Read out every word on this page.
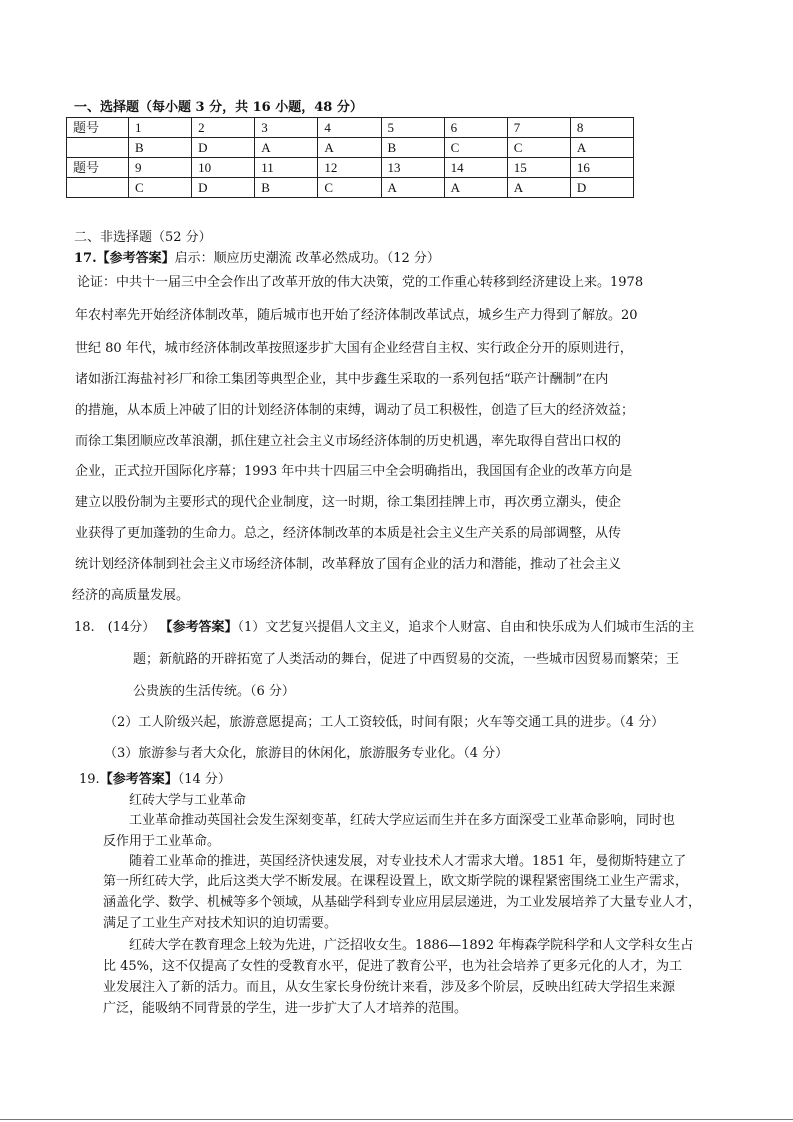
一、选择题（每小题 3 分，共 16 小题，48 分）
题号	1	2	3	4	5	6	7	8
	B	D	A	A	B	C	C	A
题号	9	10	11	12	13	14	15	16
	C	D	B	C	A	A	A	D
二、非选择题（52 分）
17.【参考答案】启示：顺应历史潮流 改革必然成功。（12 分）
论证：中共十一届三中全会作出了改革开放的伟大决策，党的工作重心转移到经济建设上来。1978
年农村率先开始经济体制改革，随后城市也开始了经济体制改革试点，城乡生产力得到了解放。20
世纪 80 年代，城市经济体制改革按照逐步扩大国有企业经营自主权、实行政企分开的原则进行，
诸如浙江海盐衬衫厂和徐工集团等典型企业，其中步鑫生采取的一系列包括“联产计酬制”在内
的措施，从本质上冲破了旧的计划经济体制的束缚，调动了员工积极性，创造了巨大的经济效益；
而徐工集团顺应改革浪潮，抓住建立社会主义市场经济体制的历史机遇，率先取得自营出口权的
企业，正式拉开国际化序幕；1993 年中共十四届三中全会明确指出，我国国有企业的改革方向是
建立以股份制为主要形式的现代企业制度，这一时期，徐工集团挂牌上市，再次勇立潮头，使企
业获得了更加蓬勃的生命力。总之，经济体制改革的本质是社会主义生产关系的局部调整，从传
统计划经济体制到社会主义市场经济体制，改革释放了国有企业的活力和潜能，推动了社会主义
经济的高质量发展。
18.　(14分） 【参考答案】（1）文艺复兴提倡人文主义，追求个人财富、自由和快乐成为人们城市生活的主
题；新航路的开辟拓宽了人类活动的舞台，促进了中西贸易的交流，一些城市因贸易而繁荣；王
公贵族的生活传统。（6 分）
（2）工人阶级兴起，旅游意愿提高；工人工资较低，时间有限；火车等交通工具的进步。（4 分）
（3）旅游参与者大众化，旅游目的休闲化，旅游服务专业化。（4 分）
19.【参考答案】（14 分）
红砖大学与工业革命
工业革命推动英国社会发生深刻变革，红砖大学应运而生并在多方面深受工业革命影响，同时也
反作用于工业革命。
随着工业革命的推进，英国经济快速发展，对专业技术人才需求大增。1851 年，曼彻斯特建立了
第一所红砖大学，此后这类大学不断发展。在课程设置上，欧文斯学院的课程紧密围绕工业生产需求，
涵盖化学、数学、机械等多个领域，从基础学科到专业应用层层递进，为工业发展培养了大量专业人才，
满足了工业生产对技术知识的迫切需要。
红砖大学在教育理念上较为先进，广泛招收女生。1886—1892 年梅森学院科学和人文学科女生占
比 45%，这不仅提高了女性的受教育水平，促进了教育公平，也为社会培养了更多元化的人才，为工
业发展注入了新的活力。而且，从女生家长身份统计来看，涉及多个阶层，反映出红砖大学招生来源
广泛，能吸纳不同背景的学生，进一步扩大了人才培养的范围。
